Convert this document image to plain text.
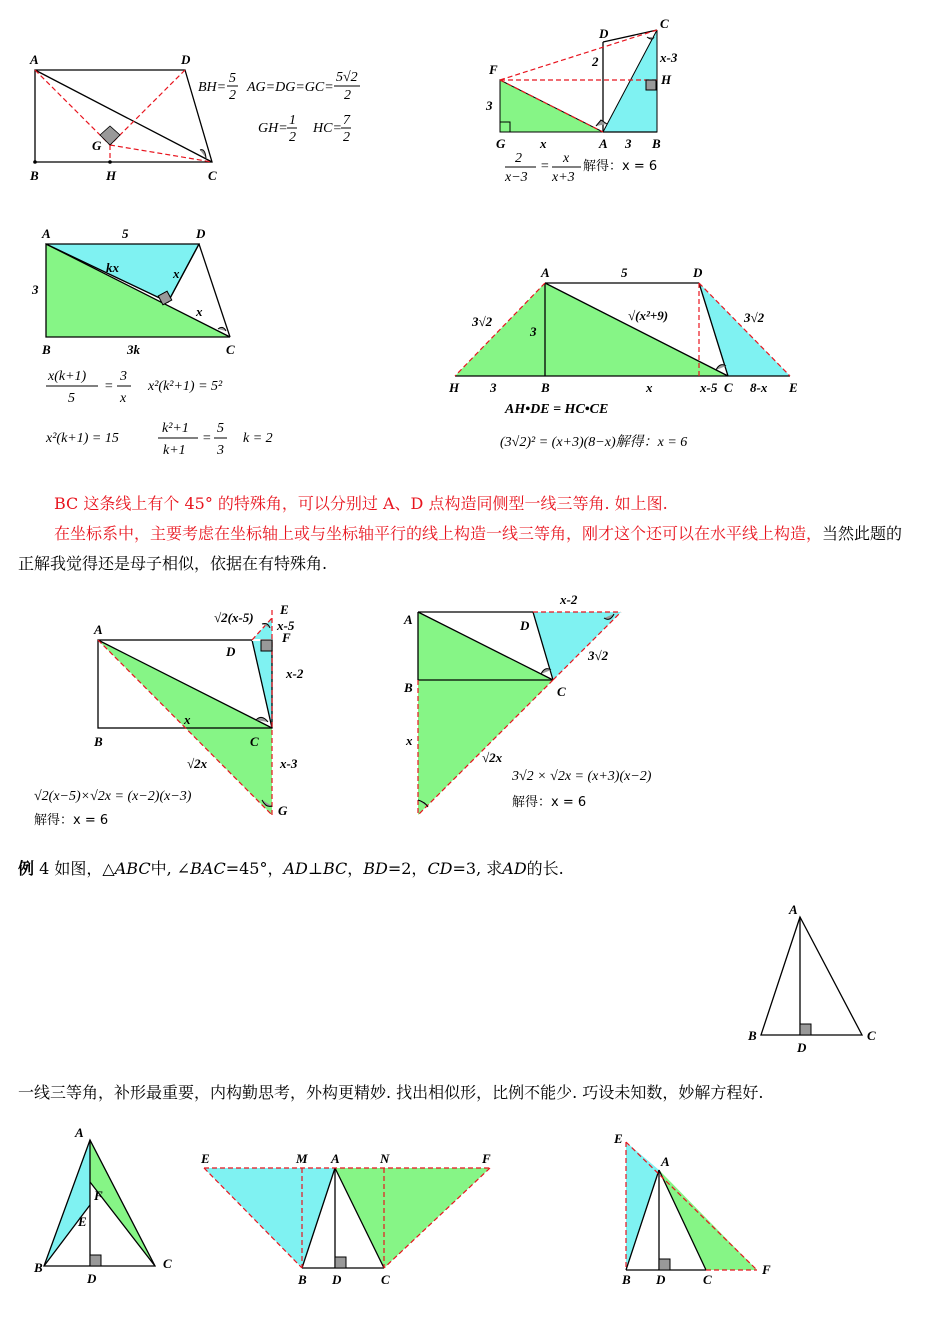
A	D
B	H	C
G
BH=
5
2
AG=DG=GC=
5√2
2
GH=
1
2
HC=
7
2
C
D
F
H
G	A	B
2	x-3
3
x	3
2
x−3
=
x
x+3
解得：x = 6
A	D
B	C
5
kx	x
x
3
3k
x(k+1)
5
=
3
x
x²(k²+1) = 5²
x²(k+1) = 15
k²+1
k+1
=
5
3
k = 2
A	D
H	B	C	E
5
3√2	3√2
3
√(x²+9)
3	x	x-5	8-x
AH•DE = HC•CE
(3√2)² = (x+3)(8−x)解得：x = 6
A
D
B	C
E
F
G
√2(x-5)
x-5
x-2
x
√2x	x-3
√2(x−5)×√2x = (x−2)(x−3)
解得：x = 6
A	D
B	C
x-2
3√2
x
√2x
3√2 × √2x = (x+3)(x−2)
解得：x = 6
A
B
D
C
A
F
E
B
D
C
E	M A	N	F
B D	C
E
A
B D	C
F
BC 这条线上有个 45° 的特殊角，可以分别过 A、D 点构造同侧型一线三等角. 如上图.
在坐标系中，主要考虑在坐标轴上或与坐标轴平行的线上构造一线三等角，刚才这个还可以在水平线上构造，当然此题的正解我觉得还是母子相似，依据在有特殊角.
例 4 如图，△ABC中, ∠BAC=45°，AD⊥BC，BD=2，CD=3, 求AD的长.
一线三等角，补形最重要，内构勤思考，外构更精妙. 找出相似形，比例不能少. 巧设未知数，妙解方程好.
